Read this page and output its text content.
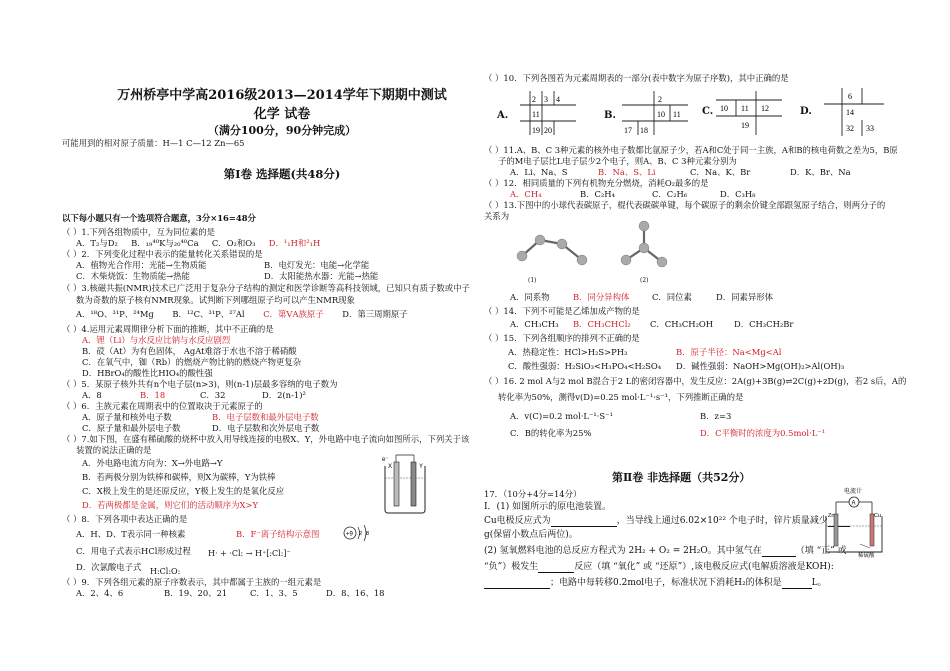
万州桥亭中学高2016级2013—2014学年下期期中测试
化学 试卷
（满分100分，90分钟完成）
可能用到的相对原子质量：H—1 C—12 Zn—65
第Ⅰ卷 选择题(共48分)
以下每小题只有一个选项符合题意，3分×16=48分
（ ）1.下列各组物质中，互为同位素的是
A．T₂与D₂ B．₁₉⁴⁰K与₂₀⁴⁰Ca C．O₂和O₃ D．¹₁H和²₁H
（ ）2．下列变化过程中表示的能量转化关系错误的是
A．植物光合作用：光能→生物质能	B．电灯发光：电能→化学能
C．木柴烧饭：生物质能→热能	D．太阳能热水器：光能→热能
（ ）3.核磁共振(NMR)技术已广泛用于复杂分子结构的测定和医学诊断等高科技领域，已知只有质子数或中子
数为奇数的原子核有NMR现象。试判断下列哪组原子均可以产生NMR现象
A．¹⁸O、³¹P、²⁴Mg B．¹²C、³¹P、²⁷Al C．第ⅤA族原子 D．第三周期原子
（ ）4.运用元素周期律分析下面的推断，其中不正确的是
A．锂（Li）与水反应比钠与水反应剧烈
B．砹（At）为有色固体， AgAt难溶于水也不溶于稀硝酸
C．在氧气中，铷（Rb）的燃烧产物比钠的燃烧产物更复杂
D．HBrO₄的酸性比HIO₄的酸性强
（ ）5．某原子核外共有n个电子层(n>3)，则(n-1)层最多容纳的电子数为
A．8	B．18	C．32	D．2(n-1)²
（ ）6．主族元素在周期表中的位置取决于元素原子的
A．原子量和核外电子数	B．电子层数和最外层电子数
C．原子量和最外层电子数	D．电子层数和次外层电子数
（ ）7.如下图，在盛有稀硫酸的烧杯中放入用导线连接的电极X、Y，外电路中电子流向如图所示，下列关于该
装置的说法正确的是
A．外电路电流方向为：X→外电路→Y
B．若两极分别为铁棒和碳棒，则X为碳棒，Y为铁棒
C．X极上发生的是还原反应，Y极上发生的是氧化反应
D．若两极都是金属，则它们的活动顺序为X>Y
e⁻
X	Y
（ ）8．下列各项中表达正确的是
A．H、D、T表示同一种核素	B．F⁻离子结构示意图	+9 2 8
C．用电子式表示HCl形成过程 H· + ·Cl: → H⁺[:Cl:]⁻
D．次氯酸电子式 H:Cl:O:
（ ）9．下列各组元素的原子序数表示，其中都属于主族的一组元素是
A．2、4、6	B．19、20、21	C．1、3、5	D．8、16、18
（ ）10．下列各图若为元素周期表的一部分(表中数字为原子序数)，其中正确的是
A.
2 3 4
11
19 20
B.
2
10 11
17 18
C. 10 11 12
19
D.
6
14
32 33
（ ）11.A、B、C 3种元素的核外电子数都比氩原子少，若A和C处于同一主族，A和B的核电荷数之差为5，B原
子的M电子层比L电子层少2个电子，则A、B、C 3种元素分别为
A．Li、Na、S	B．Na、S、Li	C．Na、K、Br	D．K、Br、Na
（ ）12．相同质量的下列有机物充分燃烧，消耗O₂最多的是
A．CH₄	B．C₂H₄	C．C₂H₆	D．C₃H₈
（ ）13.下图中的小球代表碳原子，棍代表碳碳单键，每个碳原子的剩余价键全部跟氢原子结合，则两分子的
关系为
(1)	(2)
A．同系物	B．同分异构体	C．同位素	D．同素异形体
（ ）14．下列不可能是乙烯加成产物的是
A．CH₃CH₃ B．CH₃CHCl₂ C．CH₃CH₂OH D．CH₃CH₂Br
（ ）15．下列各组顺序的排列不正确的是
A．热稳定性：HCl>H₂S>PH₃	B．原子半径：Na<Mg<Al
C．酸性强弱：H₂SiO₃<H₃PO₄<H₂SO₄ D．碱性强弱：NaOH>Mg(OH)₂>Al(OH)₃
（ ）16. 2 mol A与2 mol B混合于2 L的密闭容器中，发生反应：2A(g)+3B(g)⇌2C(g)+zD(g)，若2 s后，A的
转化率为50%，测得v(D)=0.25 mol·L⁻¹·s⁻¹，下列推断正确的是
A．v(C)=0.2 mol·L⁻¹·S⁻¹	B．z=3
C．B的转化率为25%	D．C平衡时的浓度为0.5mol·L⁻¹
第Ⅱ卷 非选择题（共52分）
17．（10分+4分=14分）
Ⅰ．(1) 如图所示的原电池装置。
Cu电极反应式为	，当导线上通过6.02×10²² 个电子时，锌片质量减少
g(保留小数点后两位)。
(2) 氢氧燃料电池的总反应方程式为 2H₂ + O₂ = 2H₂O。其中氢气在	（填 “正” 或
“负”）极发生	反应（填 “氧化” 或 “还原”）,该电极反应式(电解质溶液是KOH):
；电路中每转移0.2mol电子，标准状况下消耗H₂的体积是	L。
电流计
A
Zn	Cu
稀硫酸
